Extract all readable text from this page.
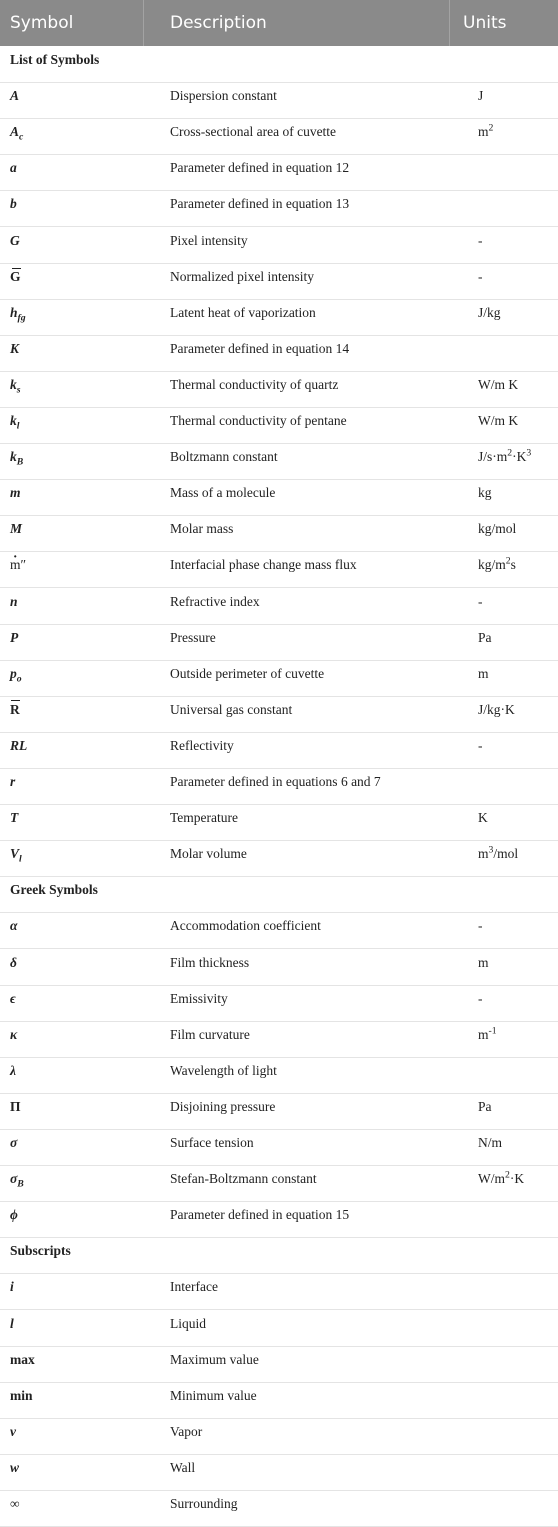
Symbol	Description	Units
List of Symbols
A	Dispersion constant	J
$A_c$	Cross-sectional area of cuvette	$m^2$
a	Parameter defined in equation 12
b	Parameter defined in equation 13
G	Pixel intensity	-
G	Normalized pixel intensity	-
$h_{fg}$	Latent heat of vaporization	J/kg
K	Parameter defined in equation 14
$k_s$	Thermal conductivity of quartz	W/m K
$k_l$	Thermal conductivity of pentane	W/m K
$k_B$	Boltzmann constant	$J/s\cdot m^2\cdot K^3$
m	Mass of a molecule	kg
M	Molar mass	kg/mol
· m″	Interfacial phase change mass flux	$kg/m^2s$
n	Refractive index	-
P	Pressure	Pa
$p_o$	Outside perimeter of cuvette	m
R	Universal gas constant	J/kg·K
RL	Reflectivity	-
r	Parameter defined in equations 6 and 7
T	Temperature	K
$V_l$	Molar volume	$m^3$/mol
Greek Symbols
α	Accommodation coefficient	-
δ	Film thickness	m
ϵ	Emissivity	-
κ	Film curvature	$m^{-1}$
λ	Wavelength of light
Π	Disjoining pressure	Pa
σ	Surface tension	N/m
$\sigma_B$	Stefan-Boltzmann constant	$W/m^2\cdot K$
ϕ	Parameter defined in equation 15
Subscripts
i	Interface
l	Liquid
max	Maximum value
min	Minimum value
v	Vapor
w	Wall
∞	Surrounding
